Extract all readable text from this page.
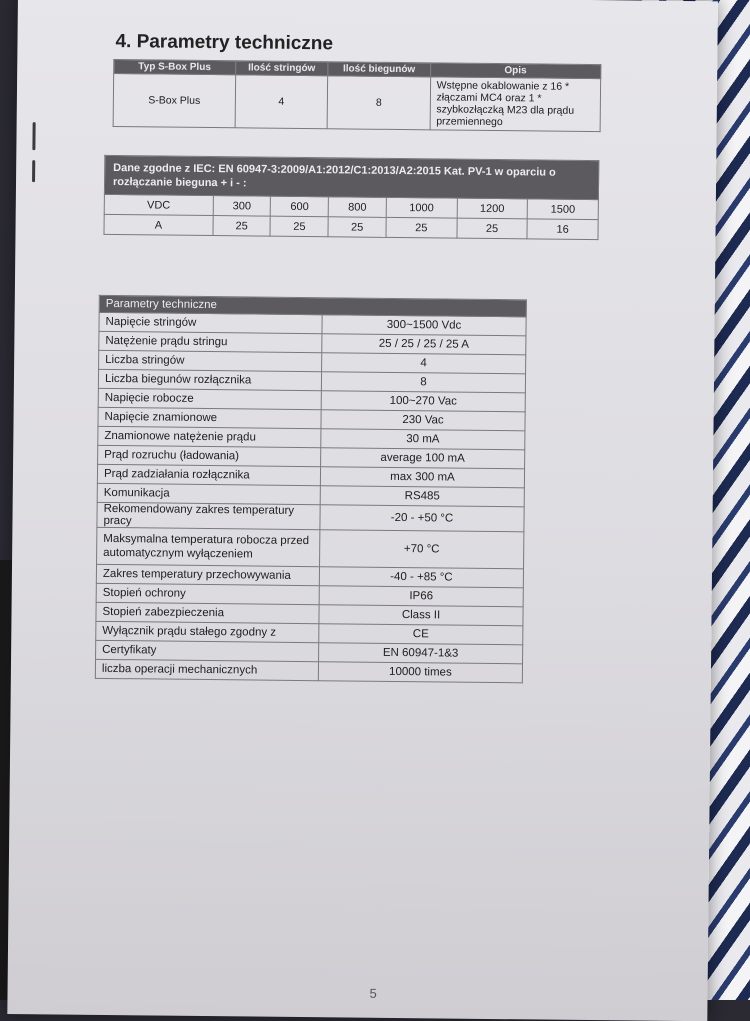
4. Parametry techniczne
Typ S-Box Plus	Ilość stringów	Ilość biegunów	Opis
S-Box Plus	4	8	Wstępne okablowanie z 16 *
złączami MC4 oraz 1 *
szybkozłączką M23 dla prądu
przemiennego
Dane zgodne z IEC: EN 60947-3:2009/A1:2012/C1:2013/A2:2015 Kat. PV-1 w oparciu o
rozłączanie bieguna + i - :						

VDC	300	600	800	1000	1200	1500
A	25	25	25	25	25	16
Parametry techniczne	
Napięcie stringów	300~1500 Vdc
Natężenie prądu stringu	25 / 25 / 25 / 25 A
Liczba stringów	4
Liczba biegunów rozłącznika	8
Napięcie robocze	100~270 Vac
Napięcie znamionowe	230 Vac
Znamionowe natężenie prądu	30 mA
Prąd rozruchu (ładowania)	average 100 mA
Prąd zadziałania rozłącznika	max 300 mA
Komunikacja	RS485
Rekomendowany zakres temperatury pracy	-20 - +50 °C
Maksymalna temperatura robocza przed automatycznym wyłączeniem	+70 °C
Zakres temperatury przechowywania	-40 - +85 °C
Stopień ochrony	IP66
Stopień zabezpieczenia	Class II
Wyłącznik prądu stałego zgodny z	CE
Certyfikaty	EN 60947-1&3
liczba operacji mechanicznych	10000 times
5
